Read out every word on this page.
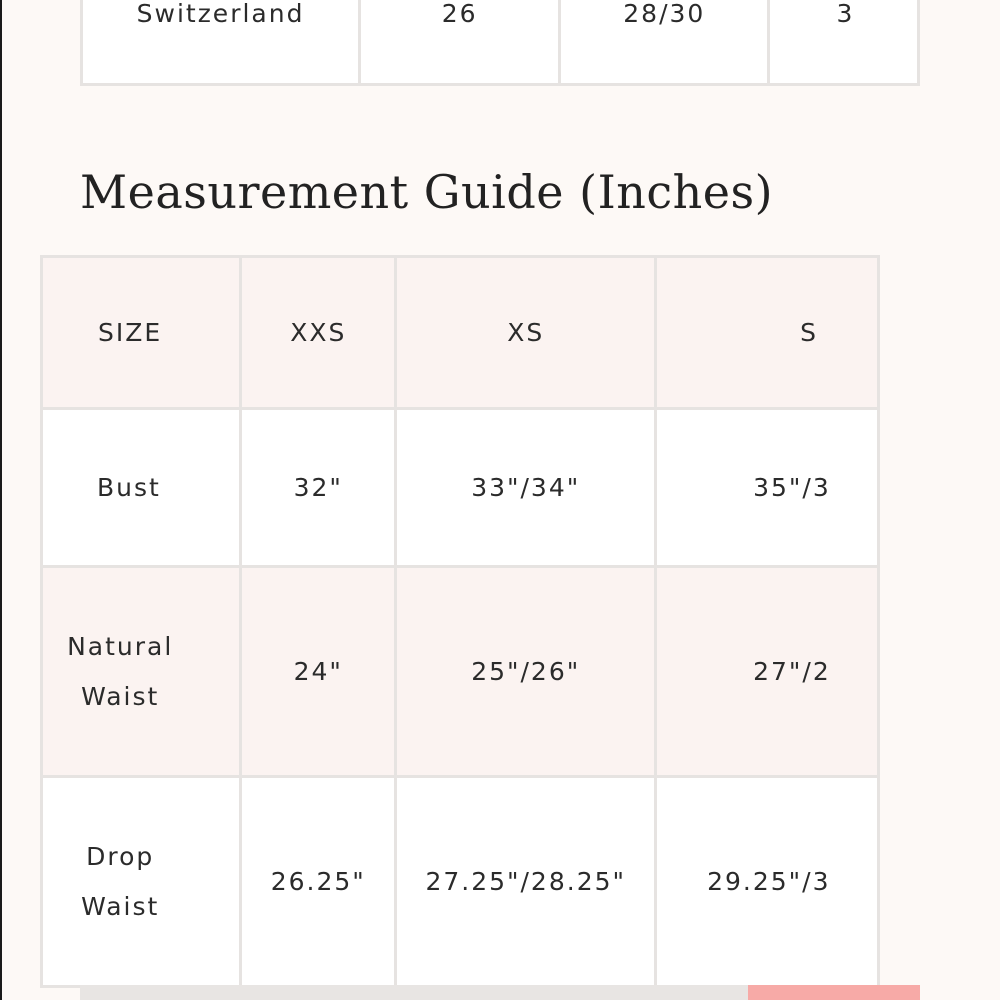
Switzerland	26	28/30	3
Measurement Guide (Inches)
SIZE	XXS	XS	S
Bust	32"	33"/34"	35"/3
Natural
Waist	24"	25"/26"	27"/2
Drop
Waist	26.25"	27.25"/28.25"	29.25"/3
